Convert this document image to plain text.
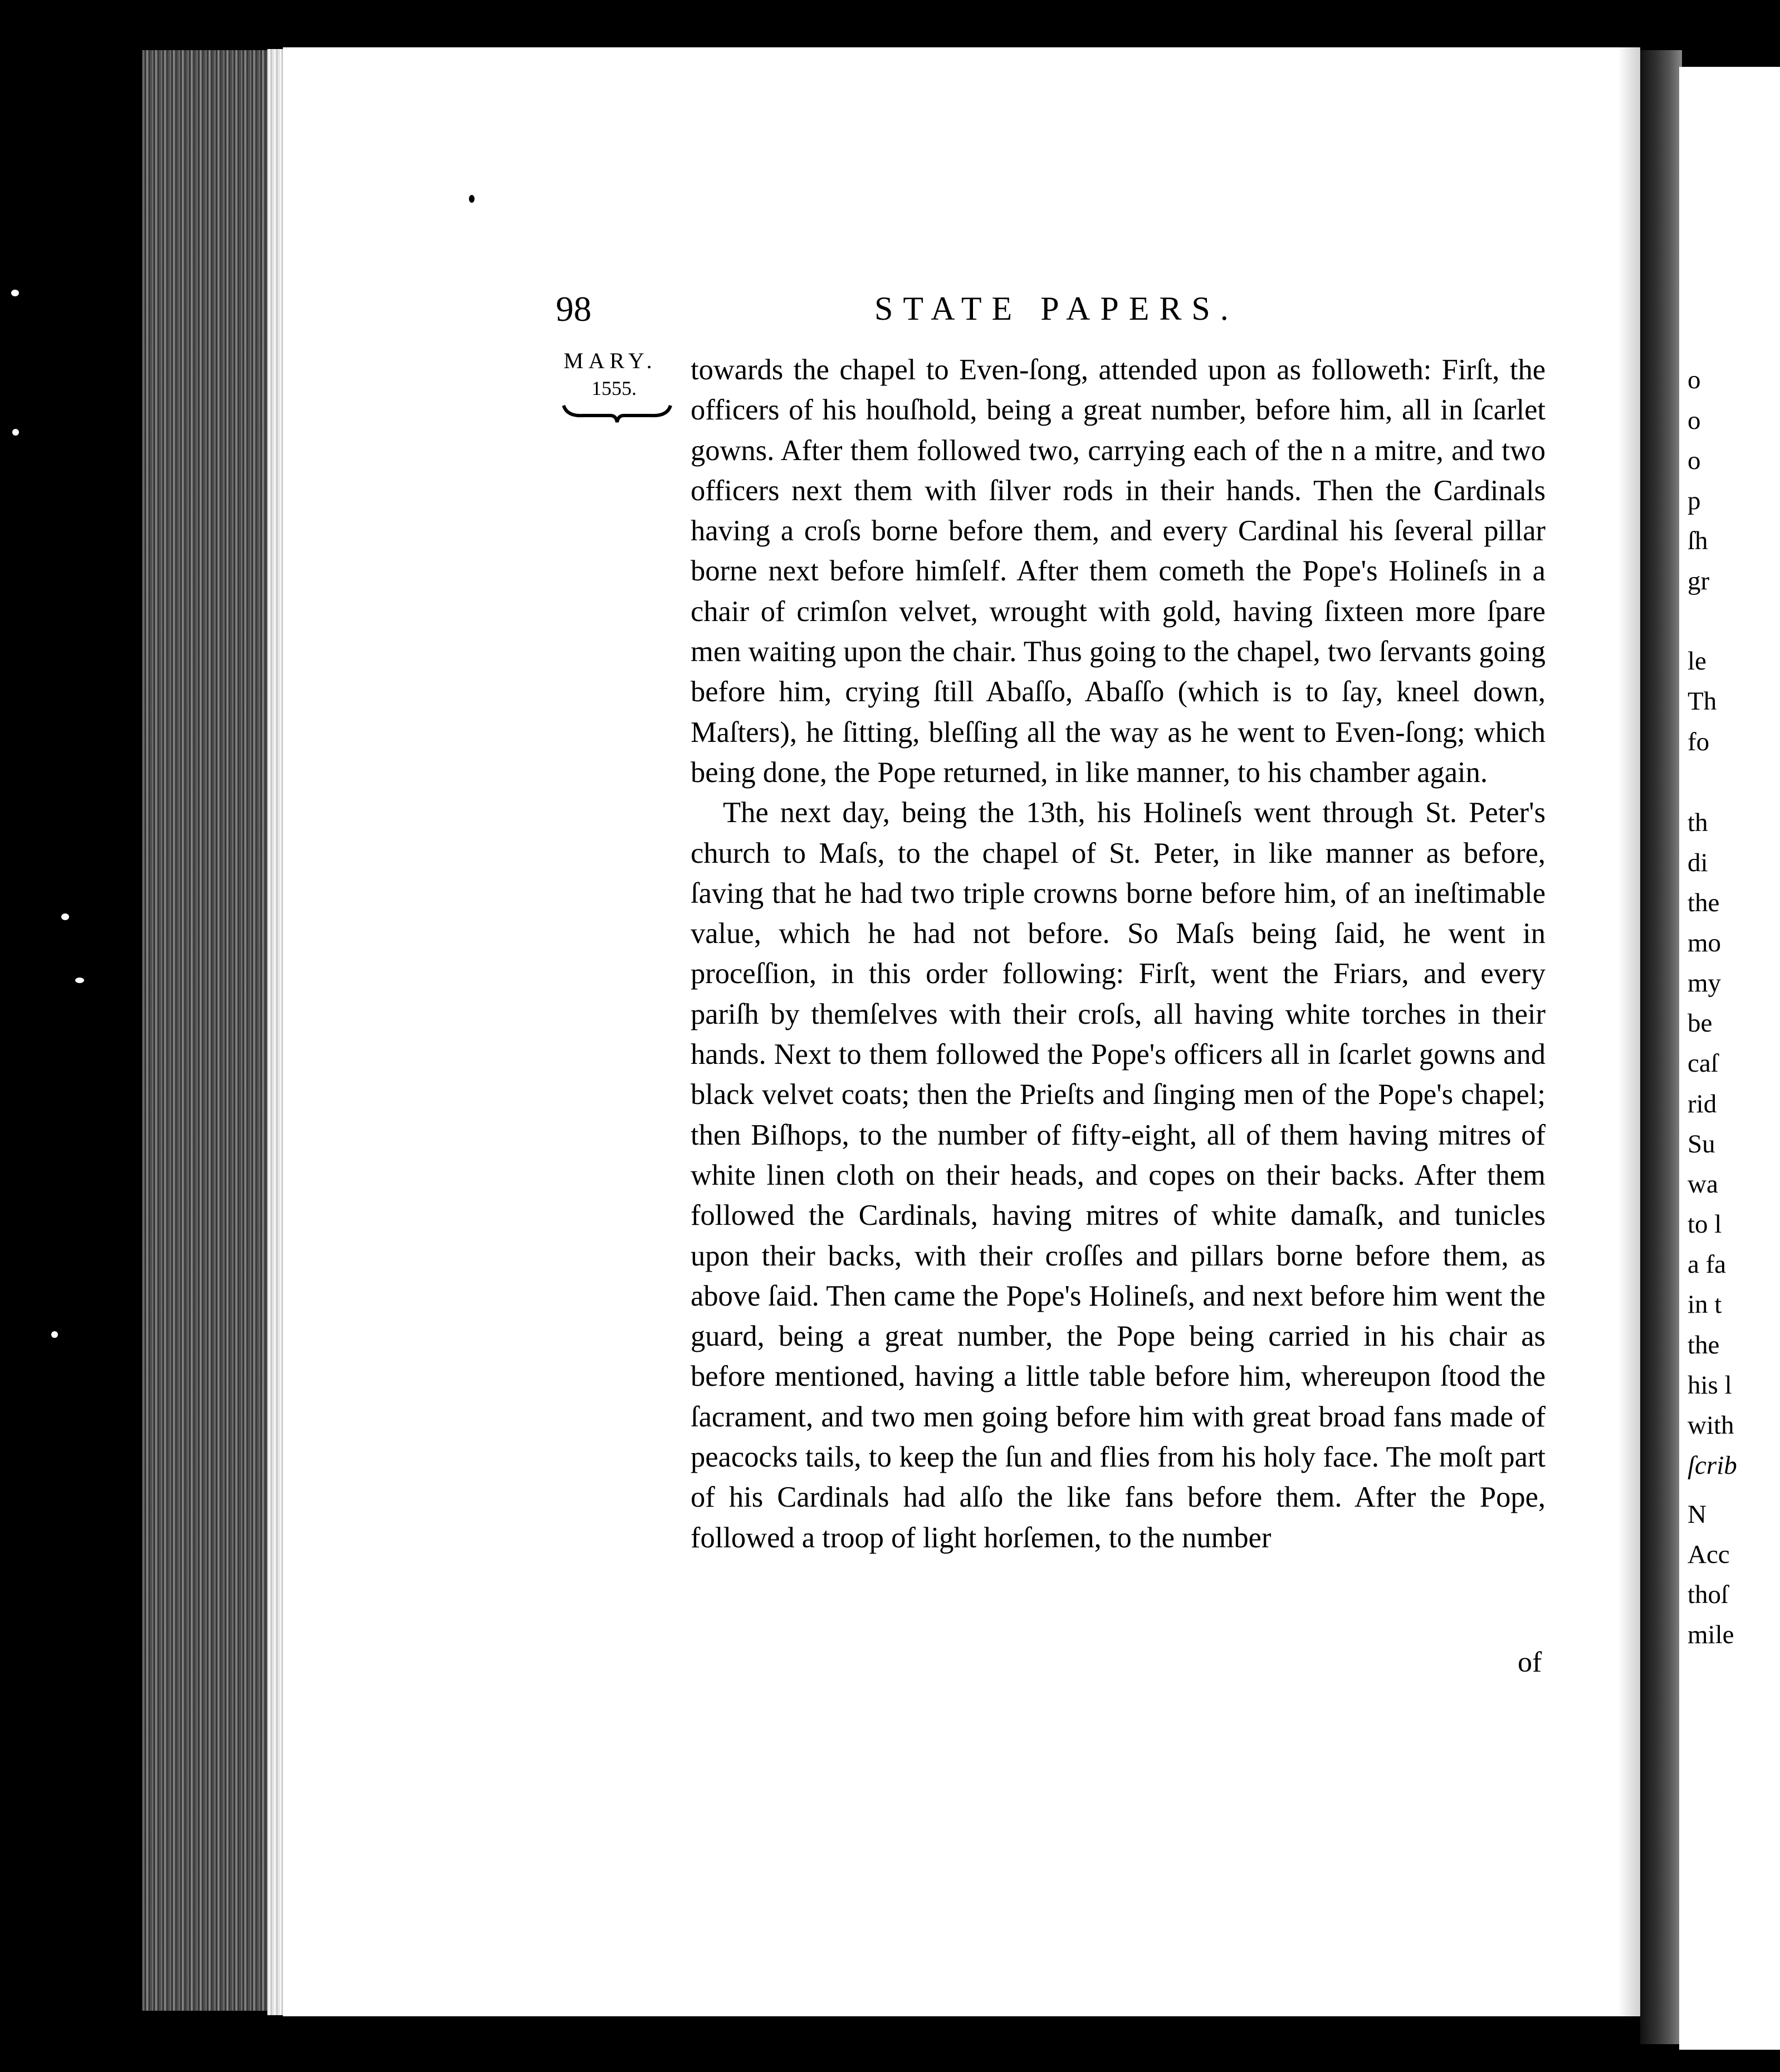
o
o
o
p
ſh
gr
le
Th
fo
th
di
the
mo
my
be
caſ
rid
Su
wa
to l
a fa
in t
the
his l
with
ſcrib
N
Acc
thoſ
mile
98	STATE PAPERS.
MARY.
1555.

towards the chapel to Even-ſong, attended upon as followeth: Firſt, the officers of his houſhold, being a great number, before him, all in ſcarlet gowns. After them followed two, carrying each of the n a mitre, and two officers next them with ſilver rods in their hands. Then the Cardinals having a croſs borne before them, and every Cardinal his ſeveral pillar borne next before himſelf. After them cometh the Pope's Holineſs in a chair of crimſon velvet, wrought with gold, having ſixteen more ſpare men waiting upon the chair. Thus going to the chapel, two ſervants going before him, crying ſtill Abaſſo, Abaſſo (which is to ſay, kneel down, Maſters), he ſitting, bleſſing all the way as he went to Even-ſong; which being done, the Pope returned, in like manner, to his chamber again.

The next day, being the 13th, his Holineſs went through St. Peter's church to Maſs, to the chapel of St. Peter, in like manner as before, ſaving that he had two triple crowns borne before him, of an ineſtimable value, which he had not before. So Maſs being ſaid, he went in proceſſion, in this order following: Firſt, went the Friars, and every pariſh by themſelves with their croſs, all having white torches in their hands. Next to them followed the Pope's officers all in ſcarlet gowns and black velvet coats; then the Prieſts and ſinging men of the Pope's chapel; then Biſhops, to the number of fifty-eight, all of them having mitres of white linen cloth on their heads, and copes on their backs. After them followed the Cardinals, having mitres of white damaſk, and tunicles upon their backs, with their croſſes and pillars borne before them, as above ſaid. Then came the Pope's Holineſs, and next before him went the guard, being a great number, the Pope being carried in his chair as before mentioned, having a little table before him, whereupon ſtood the ſacrament, and two men going before him with great broad fans made of peacocks tails, to keep the ſun and flies from his holy face. The moſt part of his Cardinals had alſo the like fans before them. After the Pope, followed a troop of light horſemen, to the number

of
